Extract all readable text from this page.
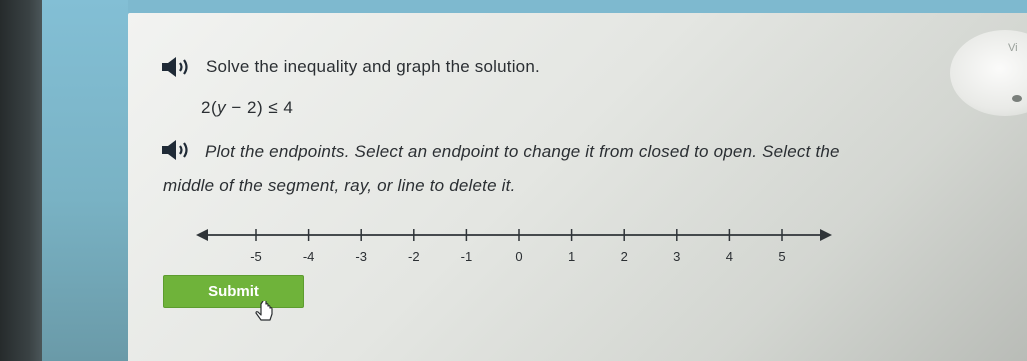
Vi
Solve the inequality and graph the solution.
2(y − 2) ≤ 4
Plot the endpoints. Select an endpoint to change it from closed to open. Select the
middle of the segment, ray, or line to delete it.
-5	-4	-3	-2	-1	0	1	2	3	4	5
Submit
